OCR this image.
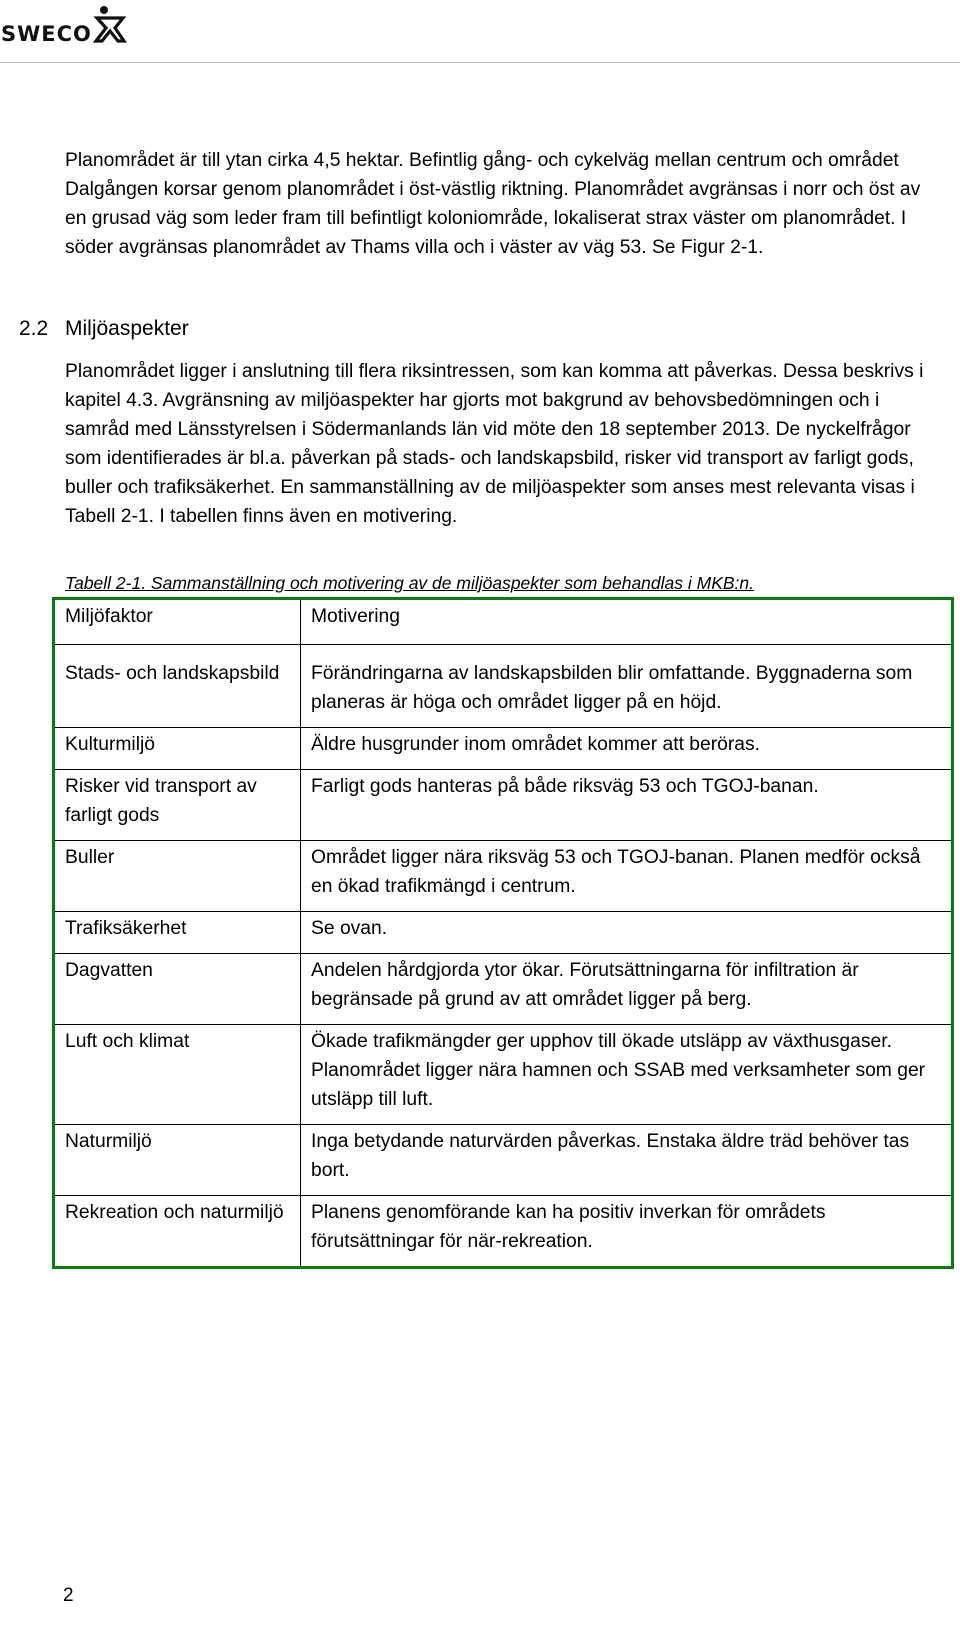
SWECO

Planområdet är till ytan cirka 4,5 hektar. Befintlig gång- och cykelväg mellan centrum och området Dalgången korsar genom planområdet i öst-västlig riktning. Planområdet avgränsas i norr och öst av en grusad väg som leder fram till befintligt koloniområde, lokaliserat strax väster om planområdet. I söder avgränsas planområdet av Thams villa och i väster av väg 53. Se Figur 2-1.

2.2 Miljöaspekter

Planområdet ligger i anslutning till flera riksintressen, som kan komma att påverkas. Dessa beskrivs i kapitel 4.3. Avgränsning av miljöaspekter har gjorts mot bakgrund av behovsbedömningen och i samråd med Länsstyrelsen i Södermanlands län vid möte den 18 september 2013. De nyckelfrågor som identifierades är bl.a. påverkan på stads- och landskapsbild, risker vid transport av farligt gods, buller och trafiksäkerhet. En sammanställning av de miljöaspekter som anses mest relevanta visas i Tabell 2-1. I tabellen finns även en motivering.

Tabell 2-1. Sammanställning och motivering av de miljöaspekter som behandlas i MKB:n.
Miljöfaktor	Motivering
Stads- och landskapsbild	Förändringarna av landskapsbilden blir omfattande. Byggnaderna som planeras är höga och området ligger på en höjd.
Kulturmiljö	Äldre husgrunder inom området kommer att beröras.
Risker vid transport av farligt gods	Farligt gods hanteras på både riksväg 53 och TGOJ-banan.
Buller	Området ligger nära riksväg 53 och TGOJ-banan. Planen medför också en ökad trafikmängd i centrum.
Trafiksäkerhet	Se ovan.
Dagvatten	Andelen hårdgjorda ytor ökar. Förutsättningarna för infiltration är begränsade på grund av att området ligger på berg.
Luft och klimat	Ökade trafikmängder ger upphov till ökade utsläpp av växthusgaser. Planområdet ligger nära hamnen och SSAB med verksamheter som ger utsläpp till luft.
Naturmiljö	Inga betydande naturvärden påverkas. Enstaka äldre träd behöver tas bort.
Rekreation och naturmiljö	Planens genomförande kan ha positiv inverkan för områdets förutsättningar för när-rekreation.
2
